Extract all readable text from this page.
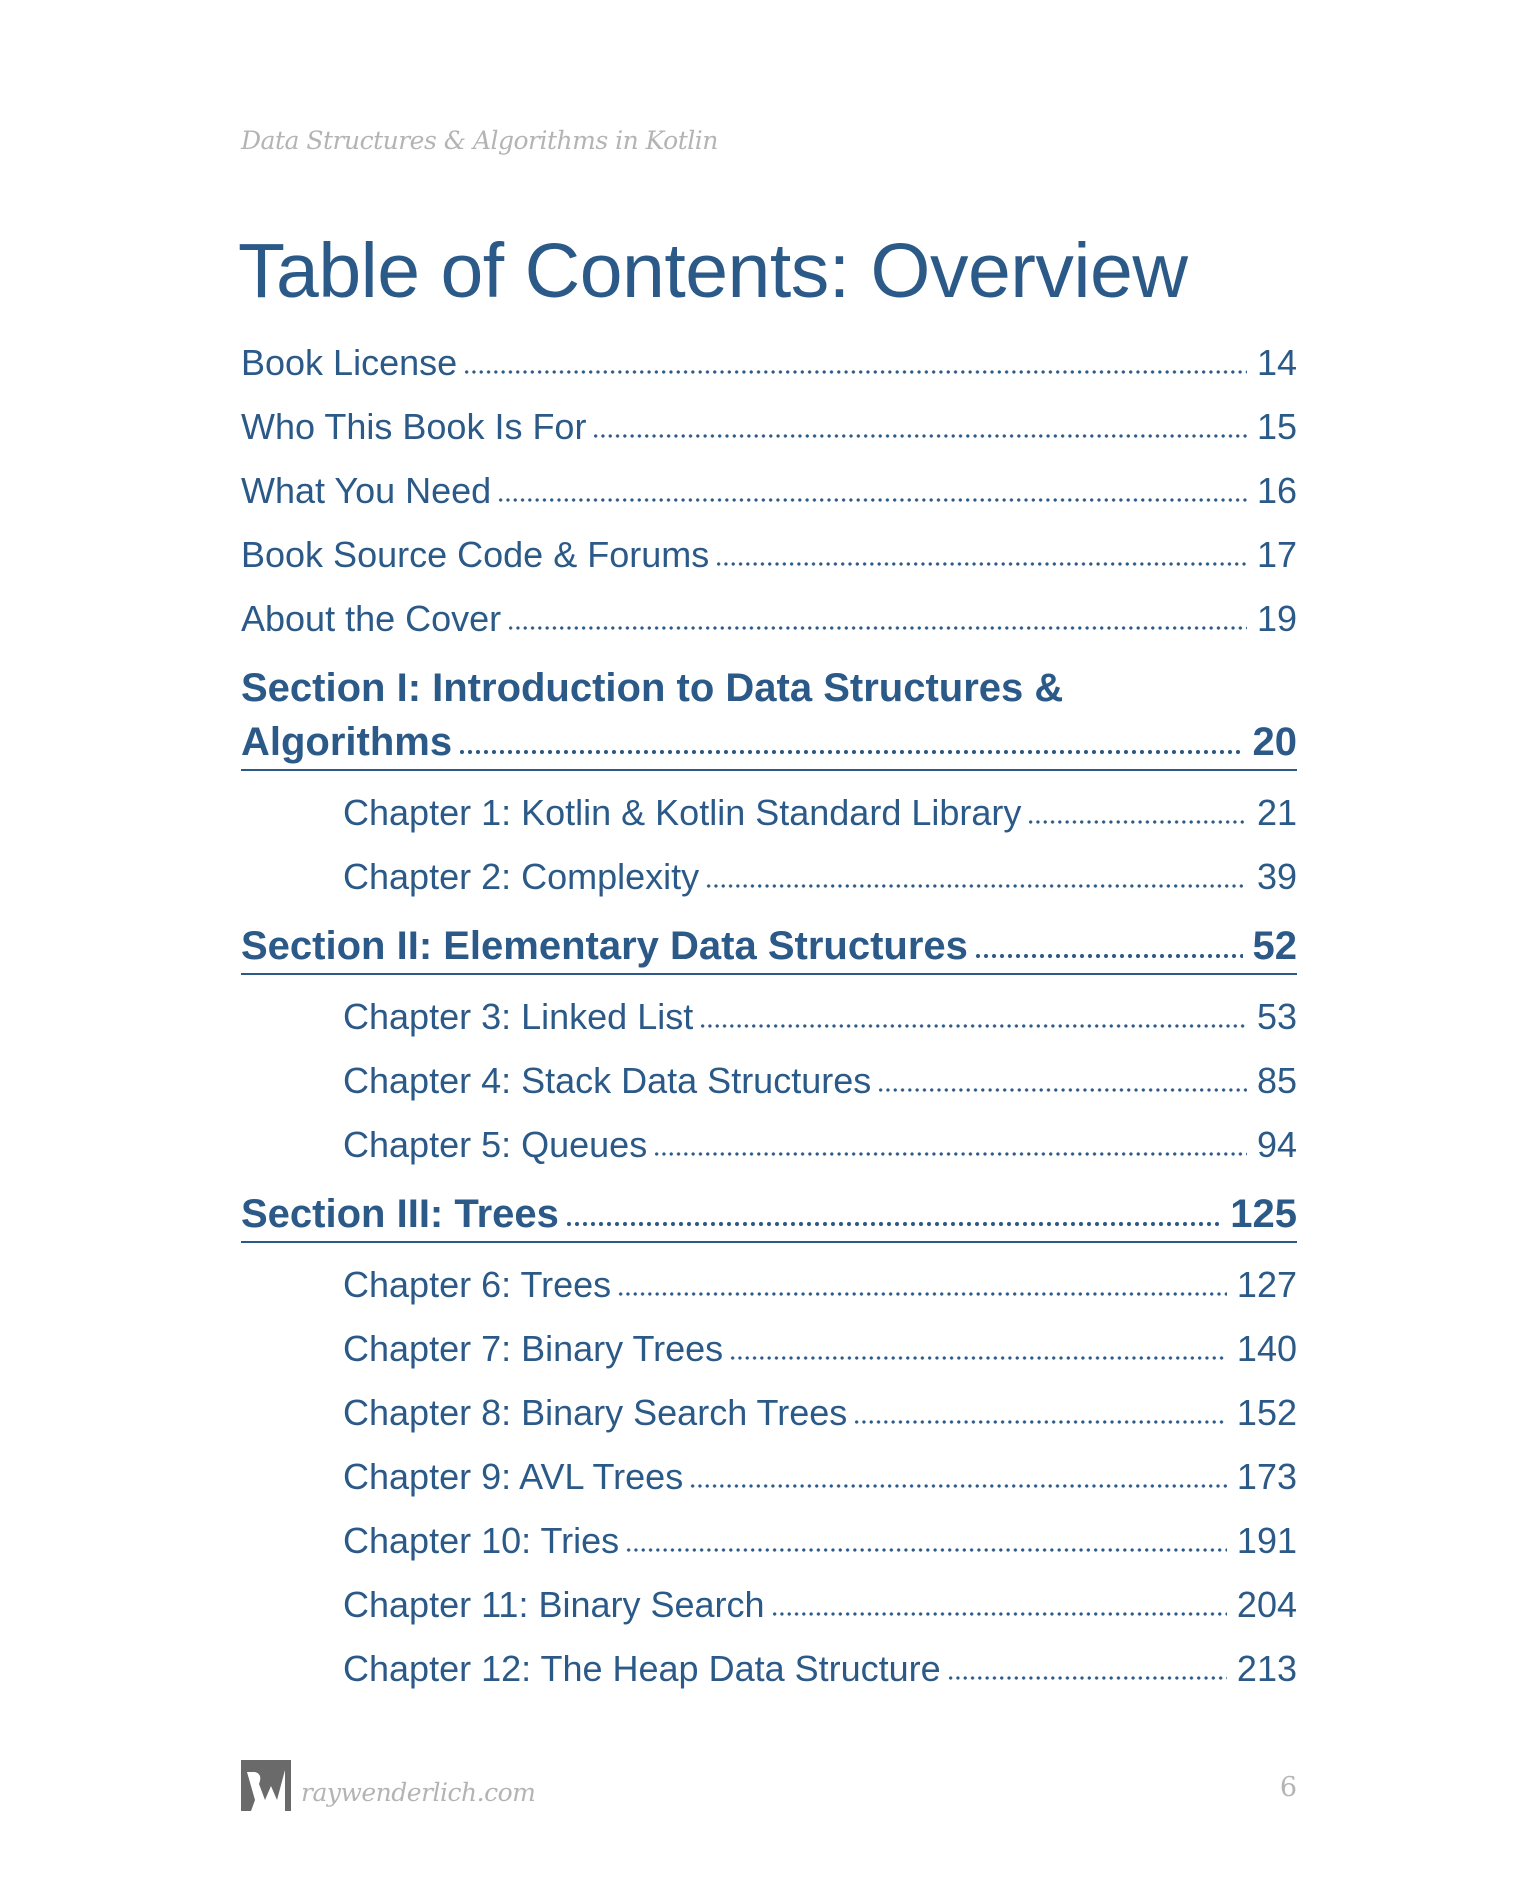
Data Structures & Algorithms in Kotlin
Table of Contents: Overview
Book License	14
Who This Book Is For	15
What You Need	16
Book Source Code & Forums	17
About the Cover	19
Section I: Introduction to Data Structures &
Algorithms	20
Chapter 1: Kotlin & Kotlin Standard Library	21
Chapter 2: Complexity	39
Section II: Elementary Data Structures	52
Chapter 3: Linked List	53
Chapter 4: Stack Data Structures	85
Chapter 5: Queues	94
Section III: Trees	125
Chapter 6: Trees	127
Chapter 7: Binary Trees	140
Chapter 8: Binary Search Trees	152
Chapter 9: AVL Trees	173
Chapter 10: Tries	191
Chapter 11: Binary Search	204
Chapter 12: The Heap Data Structure	213
raywenderlich.com	6
